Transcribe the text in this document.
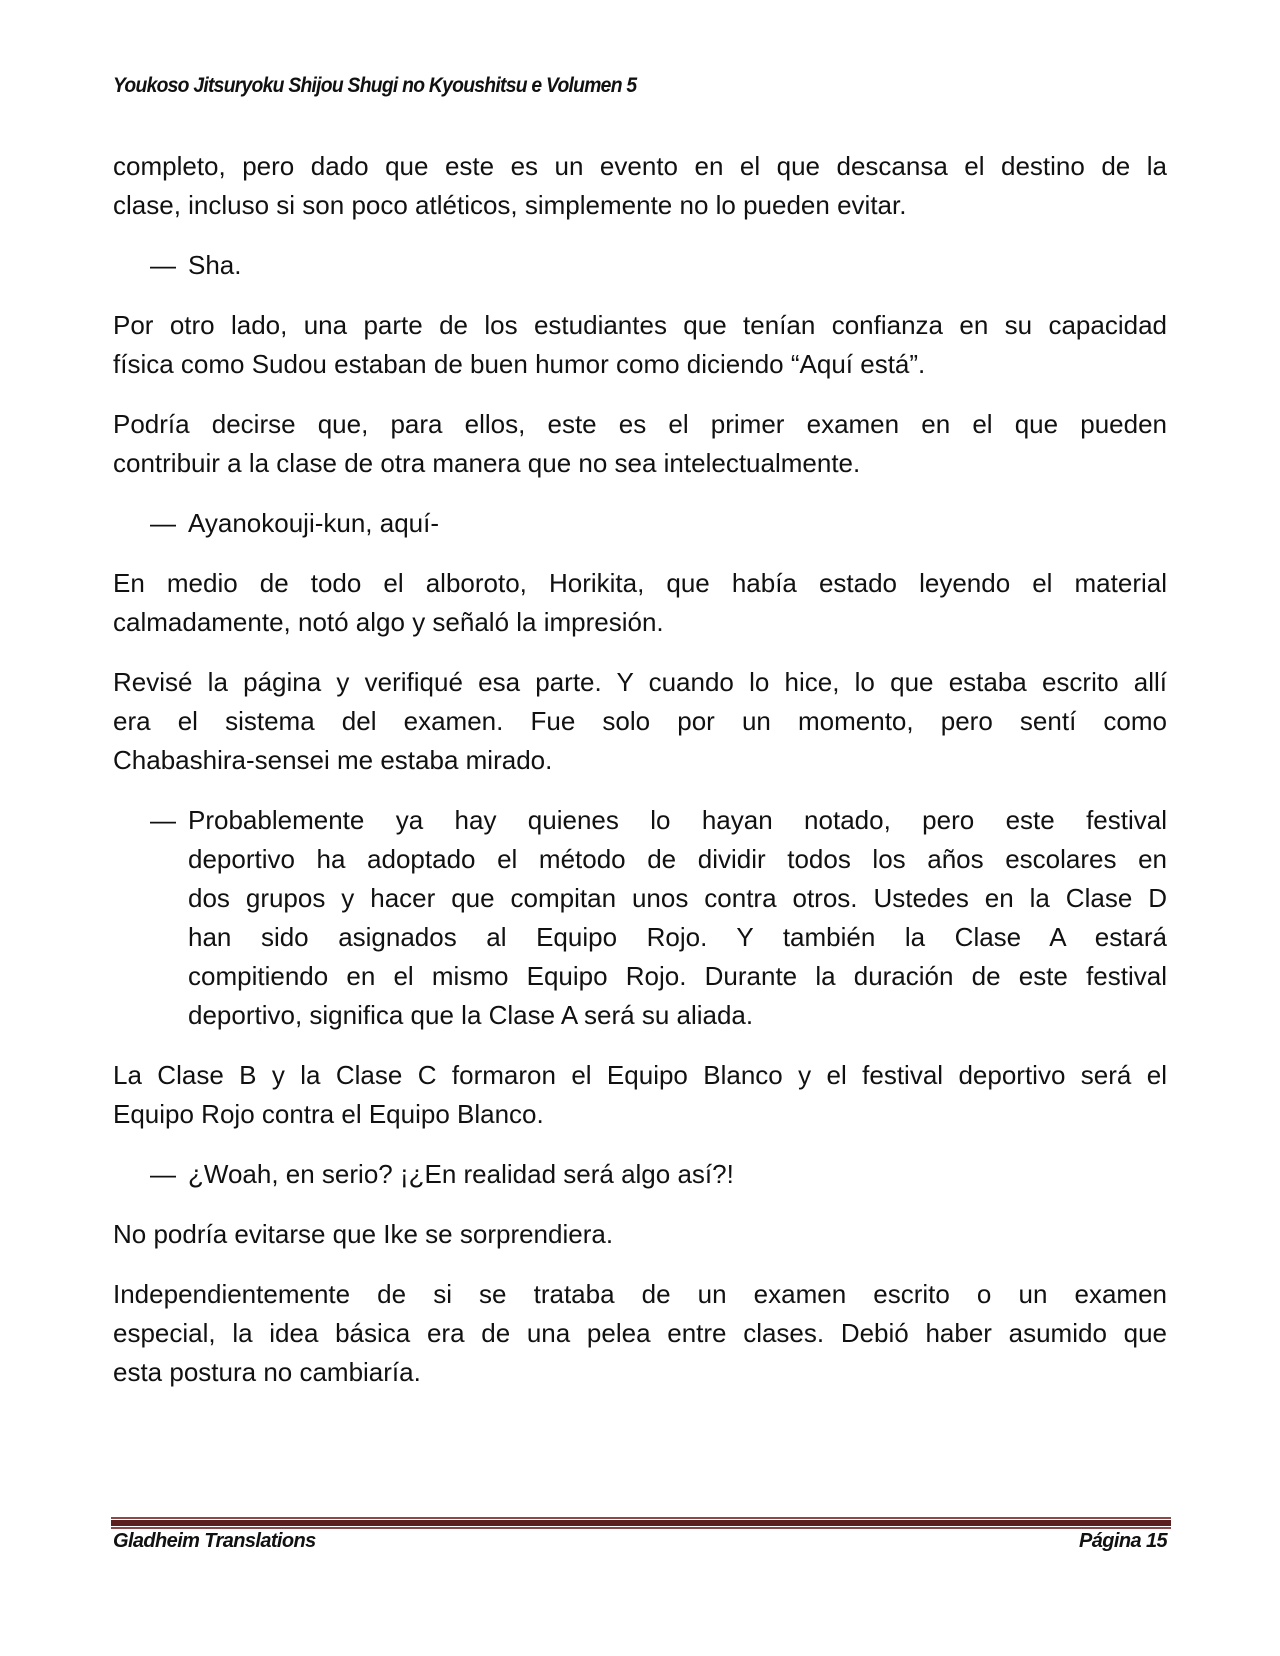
Youkoso Jitsuryoku Shijou Shugi no Kyoushitsu e Volumen 5
completo, pero dado que este es un evento en el que descansa el destino de la
clase, incluso si son poco atléticos, simplemente no lo pueden evitar.
— Sha.
Por otro lado, una parte de los estudiantes que tenían confianza en su capacidad
física como Sudou estaban de buen humor como diciendo “Aquí está”.
Podría decirse que, para ellos, este es el primer examen en el que pueden
contribuir a la clase de otra manera que no sea intelectualmente.
— Ayanokouji-kun, aquí-
En medio de todo el alboroto, Horikita, que había estado leyendo el material
calmadamente, notó algo y señaló la impresión.
Revisé la página y verifiqué esa parte. Y cuando lo hice, lo que estaba escrito allí
era el sistema del examen. Fue solo por un momento, pero sentí como
Chabashira-sensei me estaba mirado.
— Probablemente ya hay quienes lo hayan notado, pero este festival
deportivo ha adoptado el método de dividir todos los años escolares en
dos grupos y hacer que compitan unos contra otros. Ustedes en la Clase D
han sido asignados al Equipo Rojo. Y también la Clase A estará
compitiendo en el mismo Equipo Rojo. Durante la duración de este festival
deportivo, significa que la Clase A será su aliada.
La Clase B y la Clase C formaron el Equipo Blanco y el festival deportivo será el
Equipo Rojo contra el Equipo Blanco.
— ¿Woah, en serio? ¡¿En realidad será algo así?!
No podría evitarse que Ike se sorprendiera.
Independientemente de si se trataba de un examen escrito o un examen
especial, la idea básica era de una pelea entre clases. Debió haber asumido que
esta postura no cambiaría.
Gladheim Translations	Página 15
